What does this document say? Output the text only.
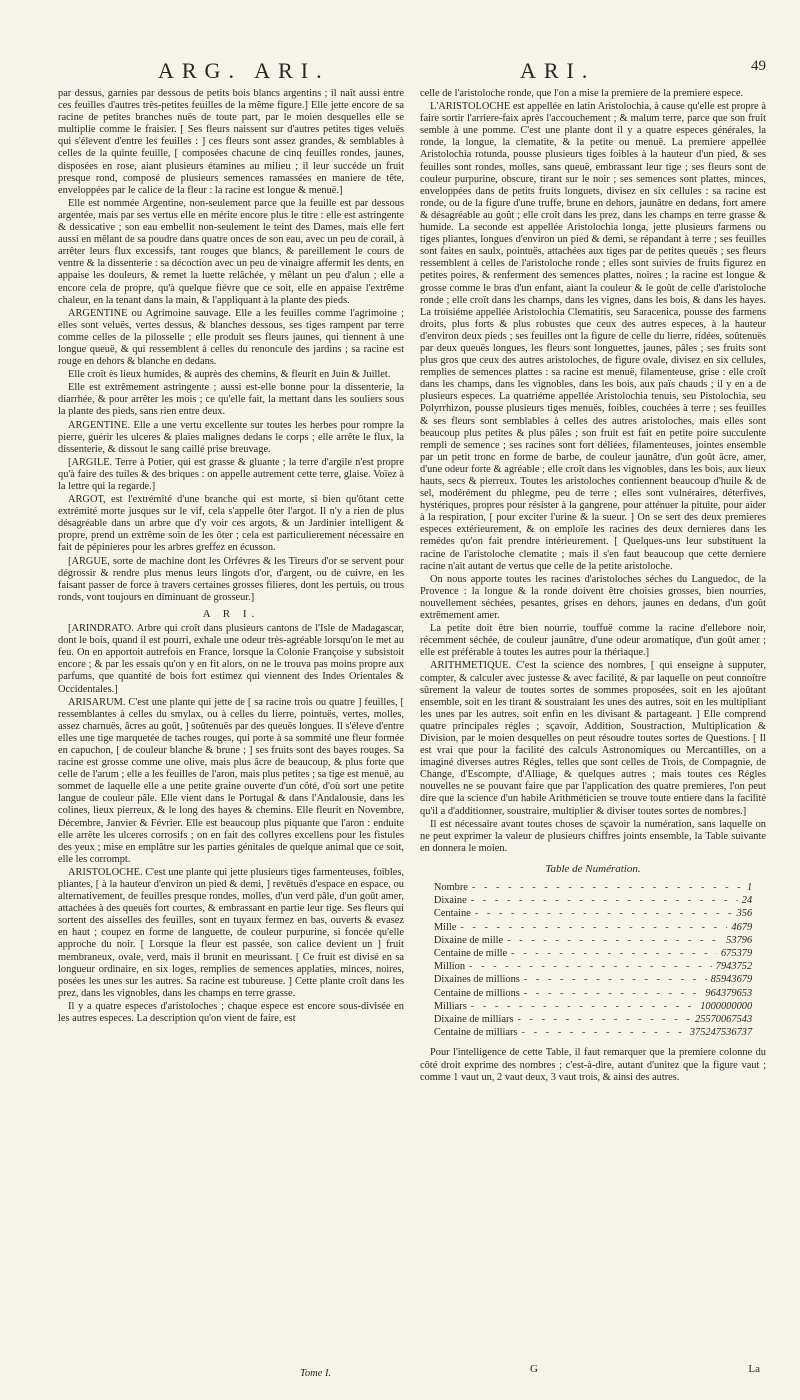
ARG. ARI.	ARI.	49

par dessus, garnies par dessous de petits bois blancs argentins ; il naît aussi entre ces feuilles d'autres très-petites feuilles de la même figure.] Elle jette encore de sa racine de petites branches nuës de toute part, par le moien desquelles elle se multiplie comme le fraisier. [ Ses fleurs naissent sur d'autres petites tiges veluës qui s'élevent d'entre les feuilles : ] ces fleurs sont assez grandes, & semblables à celles de la quinte feuille, [ composées chacune de cinq feuilles rondes, jaunes, disposées en rose, aiant plusieurs étamines au milieu ; il leur succéde un fruit presque rond, composé de plusieurs semences ramassées en maniere de tête, enveloppées par le calice de la fleur : la racine est longue & menuë.]

Elle est nommée Argentine, non-seulement parce que la feuille est par dessous argentée, mais par ses vertus elle en mérite encore plus le titre : elle est astringente & dessicative ; son eau embellit non-seulement le teint des Dames, mais elle fert aussi en mêlant de sa poudre dans quatre onces de son eau, avec un peu de corail, à arrêter leurs flux excessifs, tant rouges que blancs, & pareillement le cours de ventre & la dissenterie : sa décoction avec un peu de vinaigre affermit les dents, en appaise les douleurs, & remet la luette relâchée, y mêlant un peu d'alun ; elle a encore cela de propre, qu'à quelque fiévre que ce soit, elle en appaise l'extrême chaleur, en la tenant dans la main, & l'appliquant à la plante des pieds.

ARGENTINE ou Agrimoine sauvage. Elle a les feuilles comme l'agrimoine ; elles sont veluës, vertes dessus, & blanches dessous, ses tiges rampent par terre comme celles de la pilosselle ; elle produit ses fleurs jaunes, qui tiennent à une longue queuë, & qui ressemblent à celles du renoncule des jardins ; sa racine est rouge en dehors & blanche en dedans.

Elle croît ès lieux humides, & auprès des chemins, & fleurit en Juin & Juillet.

Elle est extrêmement astringente ; aussi est-elle bonne pour la dissenterie, la diarrhée, & pour arrêter les mois ; ce qu'elle fait, la mettant dans les souliers sous la plante des pieds, sans rien entre deux.

ARGENTINE. Elle a une vertu excellente sur toutes les herbes pour rompre la pierre, guérir les ulceres & plaies malignes dedans le corps ; elle arrête le flux, la dissenterie, & dissout le sang caillé prise breuvage.

[ARGILE. Terre à Potier, qui est grasse & gluante ; la terre d'argile n'est propre qu'à faire des tuiles & des briques : on appelle autrement cette terre, glaise. Voïez à la lettre qui la regarde.]

ARGOT, est l'extrémité d'une branche qui est morte, si bien qu'ôtant cette extrémité morte jusques sur le vif, cela s'appelle ôter l'argot. Il n'y a rien de plus désagréable dans un arbre que d'y voir ces argots, & un Jardinier intelligent & propre, prend un extrême soin de les ôter ; cela est particulierement nécessaire en fait de pépinieres pour les arbres greffez en écusson.

[ARGUE, sorte de machine dont les Orfévres & les Tireurs d'or se servent pour dégrossir & rendre plus menus leurs lingots d'or, d'argent, ou de cuivre, en les faisant passer de force à travers certaines grosses filieres, dont les pertuis, ou trous ronds, vont toujours en diminuant de grosseur.]

A R I.

[ARINDRATO. Arbre qui croît dans plusieurs cantons de l'Isle de Madagascar, dont le bois, quand il est pourri, exhale une odeur très-agréable lorsqu'on le met au feu. On en apportoit autrefois en France, lorsque la Colonie Françoise y subsistoit encore ; & par les essais qu'on y en fit alors, on ne le trouva pas moins propre aux parfums, que quantité de bois fort estimez qui viennent des Indes Orientales & Occidentales.]

ARISARUM. C'est une plante qui jette de [ sa racine trois ou quatre ] feuilles, [ ressemblantes à celles du smylax, ou à celles du lierre, pointuës, vertes, molles, assez charnuës, âcres au goût, ] soûtenuës par des queuës longues. Il s'éleve d'entre elles une tige marquetée de taches rouges, qui porte à sa sommité une fleur formée en capuchon, [ de couleur blanche & brune ; ] ses fruits sont des bayes rouges. Sa racine est grosse comme une olive, mais plus âcre de beaucoup, & plus forte que celle de l'arum ; elle a les feuilles de l'aron, mais plus petites ; sa tige est menuë, au sommet de laquelle elle a une petite graine ouverte d'un côté, d'où sort une petite langue de couleur pâle. Elle vient dans le Portugal & dans l'Andalousie, dans les colines, lieux pierreux, & le long des hayes & chemins. Elle fleurit en Novembre, Décembre, Janvier & Février. Elle est beaucoup plus piquante que l'aron : enduite elle arrête les ulceres corrosifs ; on en fait des collyres excellens pour les fistules des yeux ; mise en emplâtre sur les parties génitales de quelque animal que ce soit, elle les corrompt.

ARISTOLOCHE. C'est une plante qui jette plusieurs tiges farmenteuses, foibles, pliantes, [ à la hauteur d'environ un pied & demi, ] revêtuës d'espace en espace, ou alternativement, de feuilles presque rondes, molles, d'un verd pâle, d'un goût amer, attachées à des queuës fort courtes, & embrassant en partie leur tige. Ses fleurs qui sortent des aisselles des feuilles, sont en tuyaux fermez en bas, ouverts & evasez en haut ; coupez en forme de languette, de couleur purpurine, si foncée qu'elle approche du noir. [ Lorsque la fleur est passée, son calice devient un ] fruit membraneux, ovale, verd, mais il brunit en meurissant. [ Ce fruit est divisé en sa longueur ordinaire, en six loges, remplies de semences applaties, minces, noires, posées les unes sur les autres. Sa racine est tubureuse. ] Cette plante croît dans les prez, dans les vignobles, dans les champs en terre grasse.

Il y a quatre especes d'aristoloches ; chaque espece est encore sous-divisée en les autres especes. La description qu'on vient de faire, est

celle de l'aristoloche ronde, que l'on a mise la premiere de la premiere espece.

L'ARISTOLOCHE est appellée en latin Aristolochia, à cause qu'elle est propre à faire sortir l'arriere-faix après l'accouchement ; & malum terre, parce que son fruit semble à une pomme. C'est une plante dont il y a quatre especes générales, la ronde, la longue, la clematite, & la petite ou menuë. La premiere appellée Aristolochia rotunda, pousse plusieurs tiges foibles à la hauteur d'un pied, & ses feuilles sont rondes, molles, sans queuë, embrassant leur tige ; ses fleurs sont de couleur purpurine, obscure, tirant sur le noir ; ses semences sont plattes, minces, enveloppées dans de petits fruits longuets, divisez en six cellules : sa racine est ronde, ou de la figure d'une truffe, brune en dehors, jaunâtre en dedans, fort amere & désagréable au goût ; elle croît dans les prez, dans les champs en terre grasse & humide. La seconde est appellée Aristolochia longa, jette plusieurs farmens ou tiges pliantes, longues d'environ un pied & demi, se répandant à terre ; ses feuilles sont faites en saulx, pointuës, attachées aux tiges par de petites queuës ; ses fleurs ressemblent à celles de l'aristoloche ronde ; elles sont suivies de fruits figurez en petites poires, & renferment des semences plattes, noires ; la racine est longue & grosse comme le bras d'un enfant, aiant la couleur & le goût de celle d'aristoloche ronde ; elle croît dans les champs, dans les vignes, dans les bois, & dans les hayes. La troisiéme appellée Aristolochia Clematitis, seu Saracenica, pousse des farmens droits, plus forts & plus robustes que ceux des autres especes, à la hauteur d'environ deux pieds ; ses feuilles ont la figure de celle du lierre, ridées, soûtenuës par deux queuës longues, les fleurs sont longuettes, jaunes, pâles ; ses fruits sont plus gros que ceux des autres aristoloches, de figure ovale, divisez en six cellules, remplies de semences plattes : sa racine est menuë, filamenteuse, grise : elle croît dans les champs, dans les vignobles, dans les bois, aux païs chauds ; il y en a de plusieurs especes. La quatriéme appellée Aristolochia tenuis, seu Pistolochia, seu Polyrrhizon, pousse plusieurs tiges menuës, foibles, couchées à terre ; ses feuilles & ses fleurs sont semblables à celles des autres aristoloches, mais elles sont beaucoup plus petites & plus pâles ; son fruit est fait en petite poire succulente rempli de semence ; ses racines sont fort déliées, filamenteuses, jointes ensemble par un petit tronc en forme de barbe, de couleur jaunâtre, d'un goût âcre, amer, d'une odeur forte & agréable ; elle croît dans les vignobles, dans les bois, aux lieux hauts, secs & pierreux. Toutes les aristoloches contiennent beaucoup d'huile & de sel, modérément du phlegme, peu de terre ; elles sont vulnéraires, déterfives, hystériques, propres pour résister à la gangrene, pour atténuer la pituite, pour aider à la respiration, [ pour exciter l'urine & la sueur. ] On se sert des deux premieres especes extérieurement, & on emploïe les racines des deux dernieres dans les remédes qu'on fait prendre intérieurement. [ Quelques-uns leur substituent la racine de l'aristoloche clematite ; mais il s'en faut beaucoup que cette derniere racine n'ait autant de vertus que celle de la petite aristoloche.

On nous apporte toutes les racines d'aristoloches séches du Languedoc, de la Provence : la longue & la ronde doivent être choisies grosses, bien nourries, nouvellement séchées, pesantes, grises en dehors, jaunes en dedans, d'un goût extrêmement amer.

La petite doit être bien nourrie, touffuë comme la racine d'ellebore noir, récemment séchée, de couleur jaunâtre, d'une odeur aromatique, d'un goût amer ; elle est préférable à toutes les autres pour la thériaque.]

ARITHMETIQUE. C'est la science des nombres, [ qui enseigne à supputer, compter, & calculer avec justesse & avec facilité, & par laquelle on peut connoître sûrement la valeur de toutes sortes de sommes proposées, soit en les ajoûtant ensemble, soit en les tirant & soustraiant les unes des autres, soit en les multipliant les unes par les autres, soit enfin en les divisant & partageant. ] Elle comprend quatre principales régles ; sçavoir, Addition, Soustraction, Multiplication & Division, par le moien desquelles on peut résoudre toutes sortes de Questions. [ Il est vrai que pour la facilité des calculs Astronomiques ou Mercantilles, on a imaginé diverses autres Régles, telles que sont celles de Trois, de Compagnie, de Change, d'Escompte, d'Alliage, & quelques autres ; mais toutes ces Régles nouvelles ne se pouvant faire que par l'application des quatre premieres, l'on peut dire que la science d'un habile Arithméticien se trouve toute entiere dans la facilité qu'il a d'additionner, soustraire, multiplier & diviser toutes sortes de nombres.]

Il est nécessaire avant toutes choses de sçavoir la numération, sans laquelle on ne peut exprimer la valeur de plusieurs chiffres joints ensemble, la Table suivante en donnera le moien.

Table de Numération.
Nombre - - -	1
Dixaine - - -	24
Centaine - - -	356
Mille - - -	4679
Dixaine de mille - - -	53796
Centaine de mille - - -	675379
Million - - -	7943752
Dixaines de millions - - -	85943679
Centaine de millions - - -	964379653
Milliars - - -	1000000000
Dixaine de milliars - - -	25570067543
Centaine de milliars - - -	375247536737

Pour l'intelligence de cette Table, il faut remarquer que la premiere colonne du côté droit exprime des nombres ; c'est-à-dire, autant d'unitez que la figure vaut ; comme 1 vaut un, 2 vaut deux, 3 vaut trois, & ainsi des autres.

Tome I.	G	La
